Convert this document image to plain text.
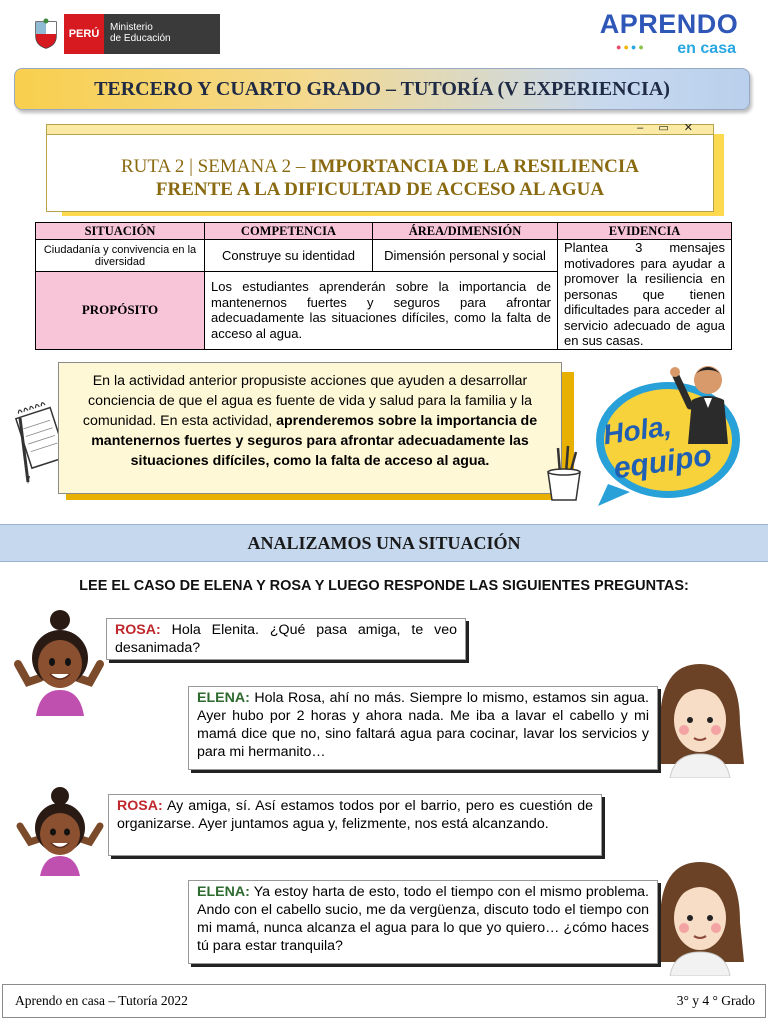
PERÚ
Ministerio
de Educación	APRENDO
●●●● en casa
TERCERO Y CUARTO GRADO – TUTORÍA (V EXPERIENCIA)
– ▭ ✕
RUTA 2 | SEMANA 2 – IMPORTANCIA DE LA RESILIENCIA
FRENTE A LA DIFICULTAD DE ACCESO AL AGUA
SITUACIÓN	COMPETENCIA	ÁREA/DIMENSIÓN	EVIDENCIA
Ciudadanía y convivencia en la diversidad	Construye su identidad	Dimensión personal y social	Plantea 3 mensajes motivadores para ayudar a promover la resiliencia en personas que tienen dificultades para acceder al servicio adecuado de agua en sus casas.
PROPÓSITO	Los estudiantes aprenderán sobre la importancia de mantenernos fuertes y seguros para afrontar adecuadamente las situaciones difíciles, como la falta de acceso al agua.		
En la actividad anterior propusiste acciones que ayuden a desarrollar conciencia de que el agua es fuente de vida y salud para la familia y la comunidad. En esta actividad, aprenderemos sobre la importancia de mantenernos fuertes y seguros para afrontar adecuadamente las situaciones difíciles, como la falta de acceso al agua.
Hola,
equipo
ANALIZAMOS UNA SITUACIÓN
LEE EL CASO DE ELENA Y ROSA Y LUEGO RESPONDE LAS SIGUIENTES PREGUNTAS:
ROSA: Hola Elenita. ¿Qué pasa amiga, te veo desanimada?
ELENA: Hola Rosa, ahí no más. Siempre lo mismo, estamos sin agua. Ayer hubo por 2 horas y ahora nada. Me iba a lavar el cabello y mi mamá dice que no, sino faltará agua para cocinar, lavar los servicios y para mi hermanito…
ROSA: Ay amiga, sí. Así estamos todos por el barrio, pero es cuestión de organizarse. Ayer juntamos agua y, felizmente, nos está alcanzando.
ELENA: Ya estoy harta de esto, todo el tiempo con el mismo problema. Ando con el cabello sucio, me da vergüenza, discuto todo el tiempo con mi mamá, nunca alcanza el agua para lo que yo quiero… ¿cómo haces tú para estar tranquila?
Aprendo en casa – Tutoría 2022	3° y 4 ° Grado
